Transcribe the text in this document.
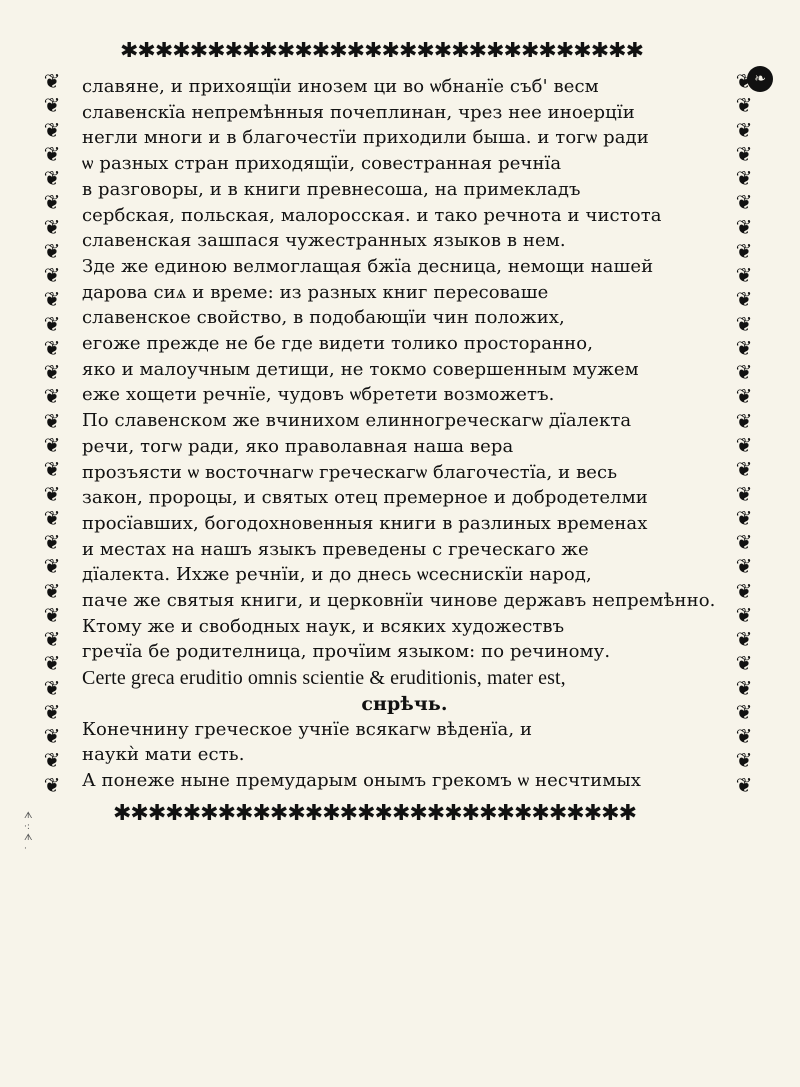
✱✱✱✱✱✱✱✱✱✱✱✱✱✱✱✱✱✱✱✱✱✱✱✱✱✱✱✱✱✱
❧
❦
❦
❦
❦
❦
❦
❦
❦
❦
❦
❦
❦
❦
❦
❦
❦
❦
❦
❦
❦
❦
❦
❦
❦
❦
❦
❦
❦
❦
❦
❦
❦
❦
❦
❦
❦
❦
❦
❦
❦
❦
❦
❦
❦
❦
❦
❦
❦
❦
❦
❦
❦
❦
❦
❦
❦
❦
❦
❦
❦
славяне, и прихоящїи инозем ци во ѡбнанїе съб' весм
славенскїа непремѣнныя почеплинан, чрез нее иноерцїи
негли многи и в благочестїи приходили быша. и тогѡ ради
ѡ разных стран приходящїи, совестранная речнїа
в разговоры, и в книги превнесоша, на примекладъ
сербская, польская, малоросская. и тако речнота и чистота
славенская зашпася чужестранных языков в нем.
Зде же единою велмоглащая бжїа десница, немощи нашей
дарова сиѧ и време: из разных книг пересоваше
славенское свойство, в подобающїи чин положих,
егоже прежде не бе где видети толико просторанно,
яко и малоучным детищи, не токмо совершенным мужем
еже хощети речнїе, чудовъ ѡбретети возможетъ.
По славенском же вчинихом елинногреческагѡ дїалекта
речи, тогѡ ради, яко праволавная наша вера
прозъясти ѡ восточнагѡ греческагѡ благочестїа, и весь
закон, пророцы, и святых отец премерное и добродетелми
просїавших, богодохновенныя книги в разлиных временах
и местах на нашъ языкъ преведены с греческаго же
дїалекта. Ихже речнїи, и до днесь ѡсеснискїи народ,
паче же святыя книги, и церковнїи чинове державъ непремѣнно.
Ктому же и свободных наук, и всяких художествъ
гречїа бе родителница, прочїим языком: по речиному.
Certe greca eruditio omnis scientie & eruditionis, mater est,
снрѣчь.
Конечнину греческое учнїе всякагѡ вѣденїа, и
наукѝ мати есть.
А понеже ныне премударым онымъ грекомъ ѡ несчтимых
✱✱✱✱✱✱✱✱✱✱✱✱✱✱✱✱✱✱✱✱✱✱✱✱✱✱✱✱✱✱
ᗑ
·:
ᗑ
·
